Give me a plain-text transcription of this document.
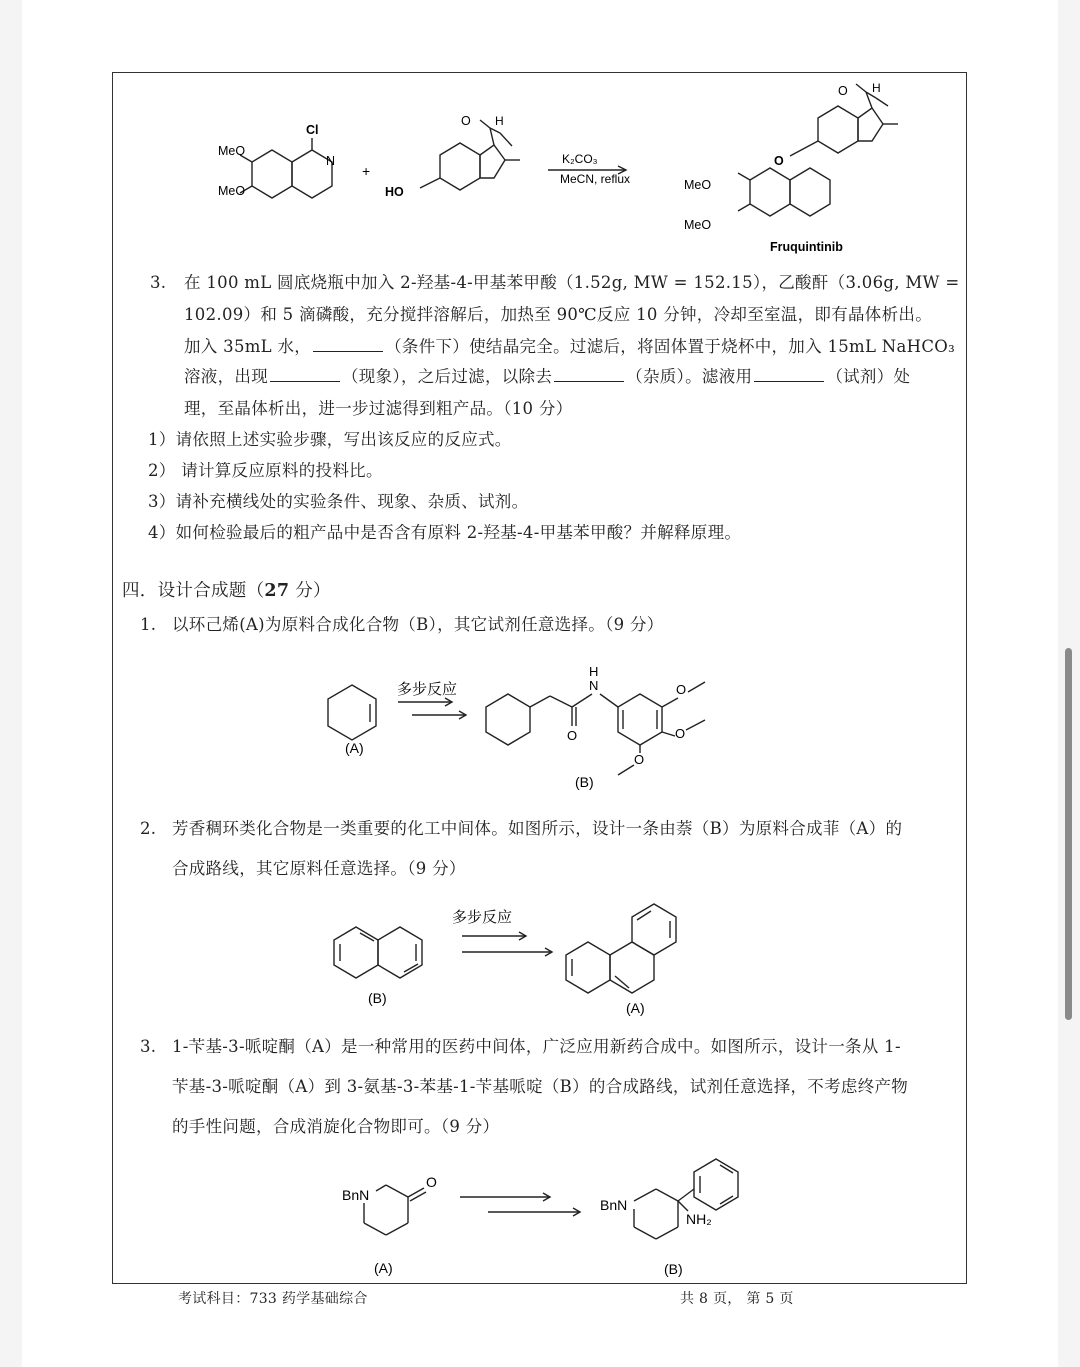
MeO
MeO
Cl
N
+
HO
O H
K₂CO₃
MeCN, reflux
O H
O
MeO
MeO
Fruquintinib
3. 在 100 mL 圆底烧瓶中加入 2-羟基-4-甲基苯甲酸（1.52g, MW = 152.15），乙酸酐（3.06g, MW =
102.09）和 5 滴磷酸，充分搅拌溶解后，加热至 90℃反应 10 分钟，冷却至室温，即有晶体析出。
加入 35mL 水，	（条件下）使结晶完全。过滤后，将固体置于烧杯中，加入 15mL NaHCO₃
溶液，出现	（现象），之后过滤，以除去	（杂质）。滤液用	（试剂）处
理，至晶体析出，进一步过滤得到粗产品。（10 分）
1）请依照上述实验步骤，写出该反应的反应式。
2） 请计算反应原料的投料比。
3）请补充横线处的实验条件、现象、杂质、试剂。
4）如何检验最后的粗产品中是否含有原料 2-羟基-4-甲基苯甲酸？并解释原理。
四．设计合成题（27 分）
1. 以环己烯(A)为原料合成化合物（B），其它试剂任意选择。（9 分）
多步反应
(A)
(B)
O
N
H
O
O
O
2. 芳香稠环类化合物是一类重要的化工中间体。如图所示，设计一条由萘（B）为原料合成菲（A）的
合成路线，其它原料任意选择。（9 分）
多步反应
(B)
(A)
3. 1-苄基-3-哌啶酮（A）是一种常用的医药中间体，广泛应用新药合成中。如图所示，设计一条从 1-
苄基-3-哌啶酮（A）到 3-氨基-3-苯基-1-苄基哌啶（B）的合成路线，试剂任意选择，不考虑终产物
的手性问题，合成消旋化合物即可。（9 分）
BnN
O
BnN
NH₂
(A)	(B)
考试科目：733 药学基础综合	共 8 页， 第 5 页
